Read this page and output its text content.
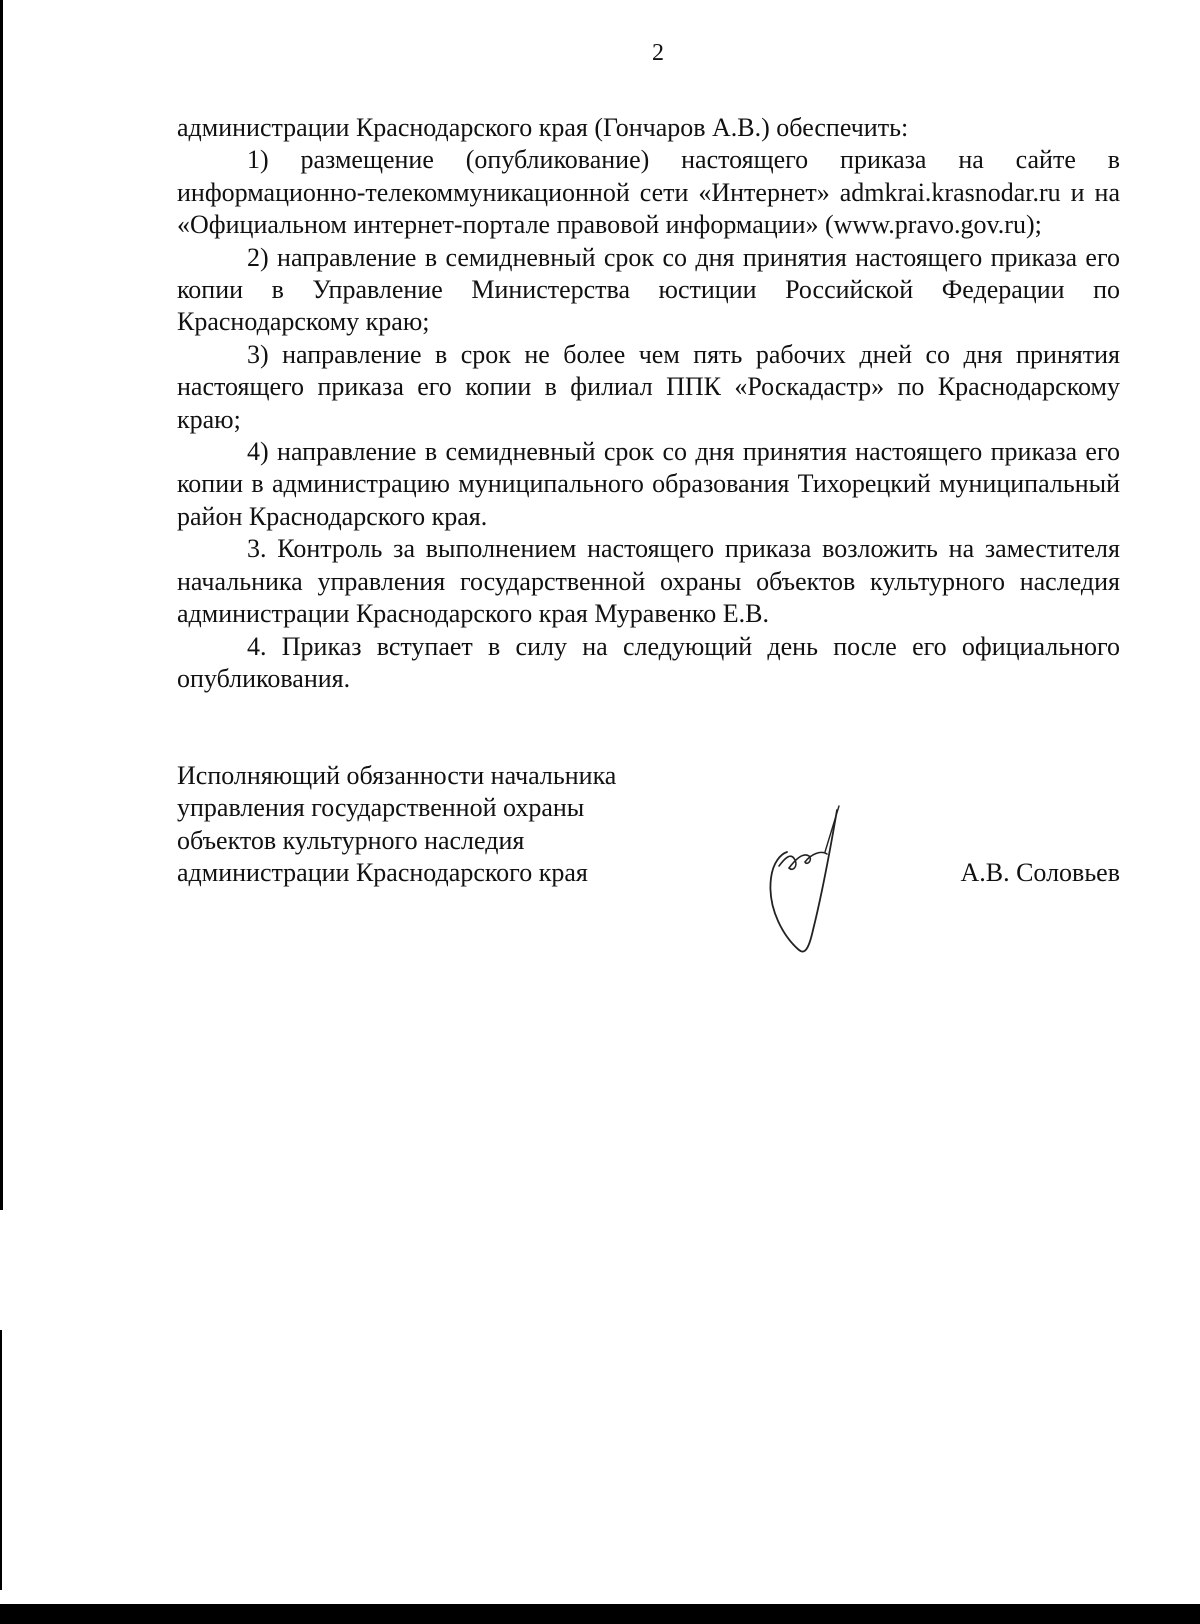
2

администрации Краснодарского края (Гончаров А.В.) обеспечить:

1) размещение (опубликование) настоящего приказа на сайте в информационно-телекоммуникационной сети «Интернет» admkrai.krasnodar.ru и на «Официальном интернет-портале правовой информации» (www.pravo.gov.ru);

2) направление в семидневный срок со дня принятия настоящего приказа его копии в Управление Министерства юстиции Российской Федерации по Краснодарскому краю;

3) направление в срок не более чем пять рабочих дней со дня принятия настоящего приказа его копии в филиал ППК «Роскадастр» по Краснодарскому краю;

4) направление в семидневный срок со дня принятия настоящего приказа его копии в администрацию муниципального образования Тихорецкий муниципальный район Краснодарского края.

3. Контроль за выполнением настоящего приказа возложить на заместителя начальника управления государственной охраны объектов культурного наследия администрации Краснодарского края Муравенко Е.В.

4. Приказ вступает в силу на следующий день после его официального опубликования.

Исполняющий обязанности начальника
управления государственной охраны
объектов культурного наследия
администрации Краснодарского края	А.В. Соловьев
